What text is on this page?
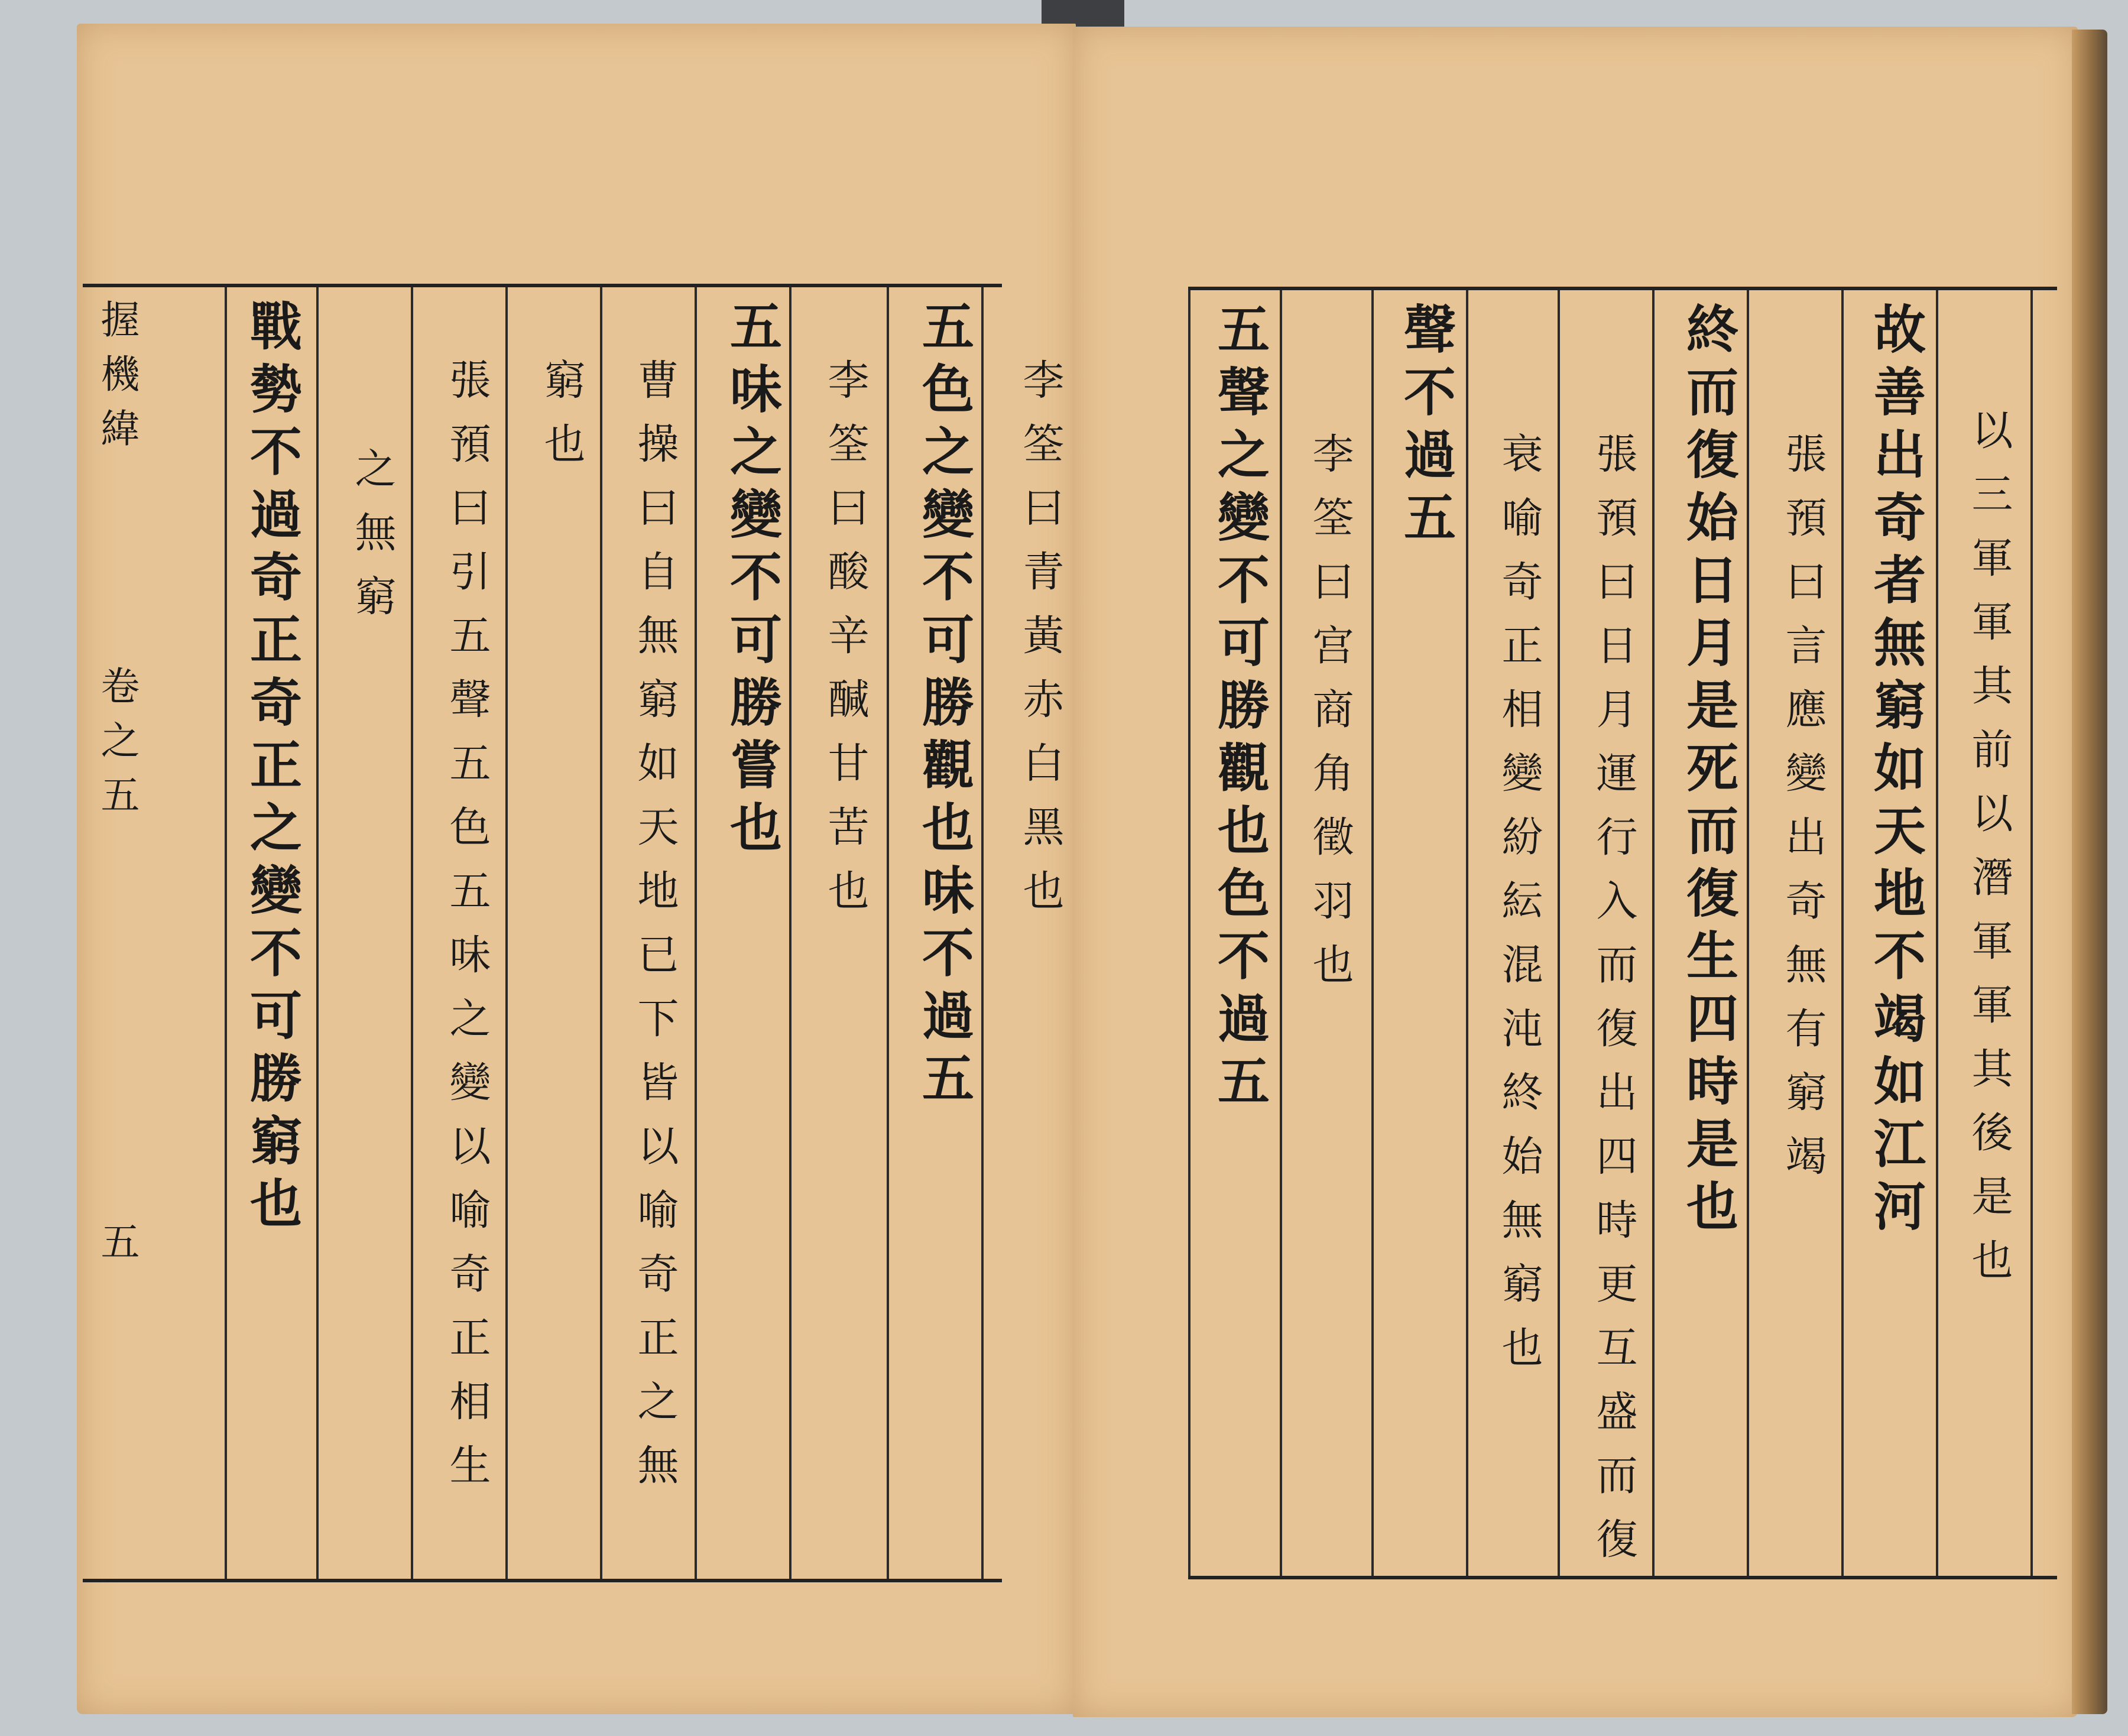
握機緯
卷之五
五
五色之變不可勝觀也味不過五 李筌曰青黃赤白黑也
李筌曰酸辛醎甘苦也
五味之變不可勝嘗也
曹操曰自無窮如天地已下皆以喻奇正之無
窮也
張預曰引五聲五色五味之變以喻奇正相生
之無窮
戰勢不過奇正奇正之變不可勝窮也	以三軍軍其前以潛軍軍其後是也
故善出奇者無窮如天地不竭如江河
張預曰言應變出奇無有窮竭
終而復始日月是死而復生四時是也
張預曰日月運行入而復出四時更互盛而復
衰喻奇正相變紛紜混沌終始無窮也
聲不過五
李筌曰宫商角徵羽也
五聲之變不可勝觀也色不過五
